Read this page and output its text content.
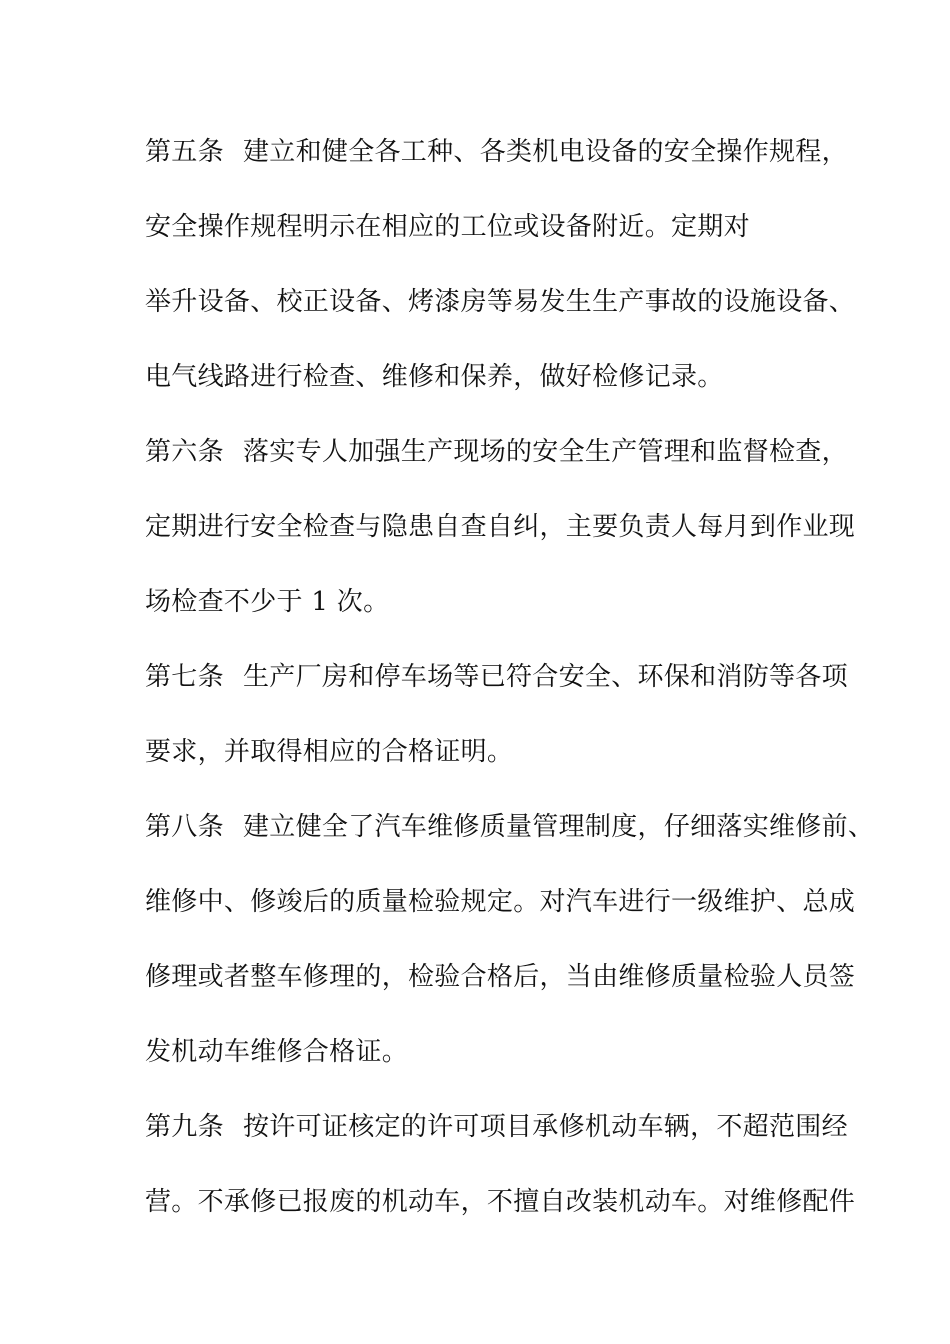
第五条 建立和健全各工种、各类机电设备的安全操作规程，
安全操作规程明示在相应的工位或设备附近。定期对
举升设备、校正设备、烤漆房等易发生生产事故的设施设备、
电气线路进行检查、维修和保养，做好检修记录。
第六条 落实专人加强生产现场的安全生产管理和监督检查，
定期进行安全检查与隐患自查自纠，主要负责人每月到作业现
场检查不少于 1 次。
第七条 生产厂房和停车场等已符合安全、环保和消防等各项
要求，并取得相应的合格证明。
第八条 建立健全了汽车维修质量管理制度，仔细落实维修前、
维修中、修竣后的质量检验规定。对汽车进行一级维护、总成
修理或者整车修理的，检验合格后，当由维修质量检验人员签
发机动车维修合格证。
第九条 按许可证核定的许可项目承修机动车辆，不超范围经
营。不承修已报废的机动车，不擅自改装机动车。对维修配件
